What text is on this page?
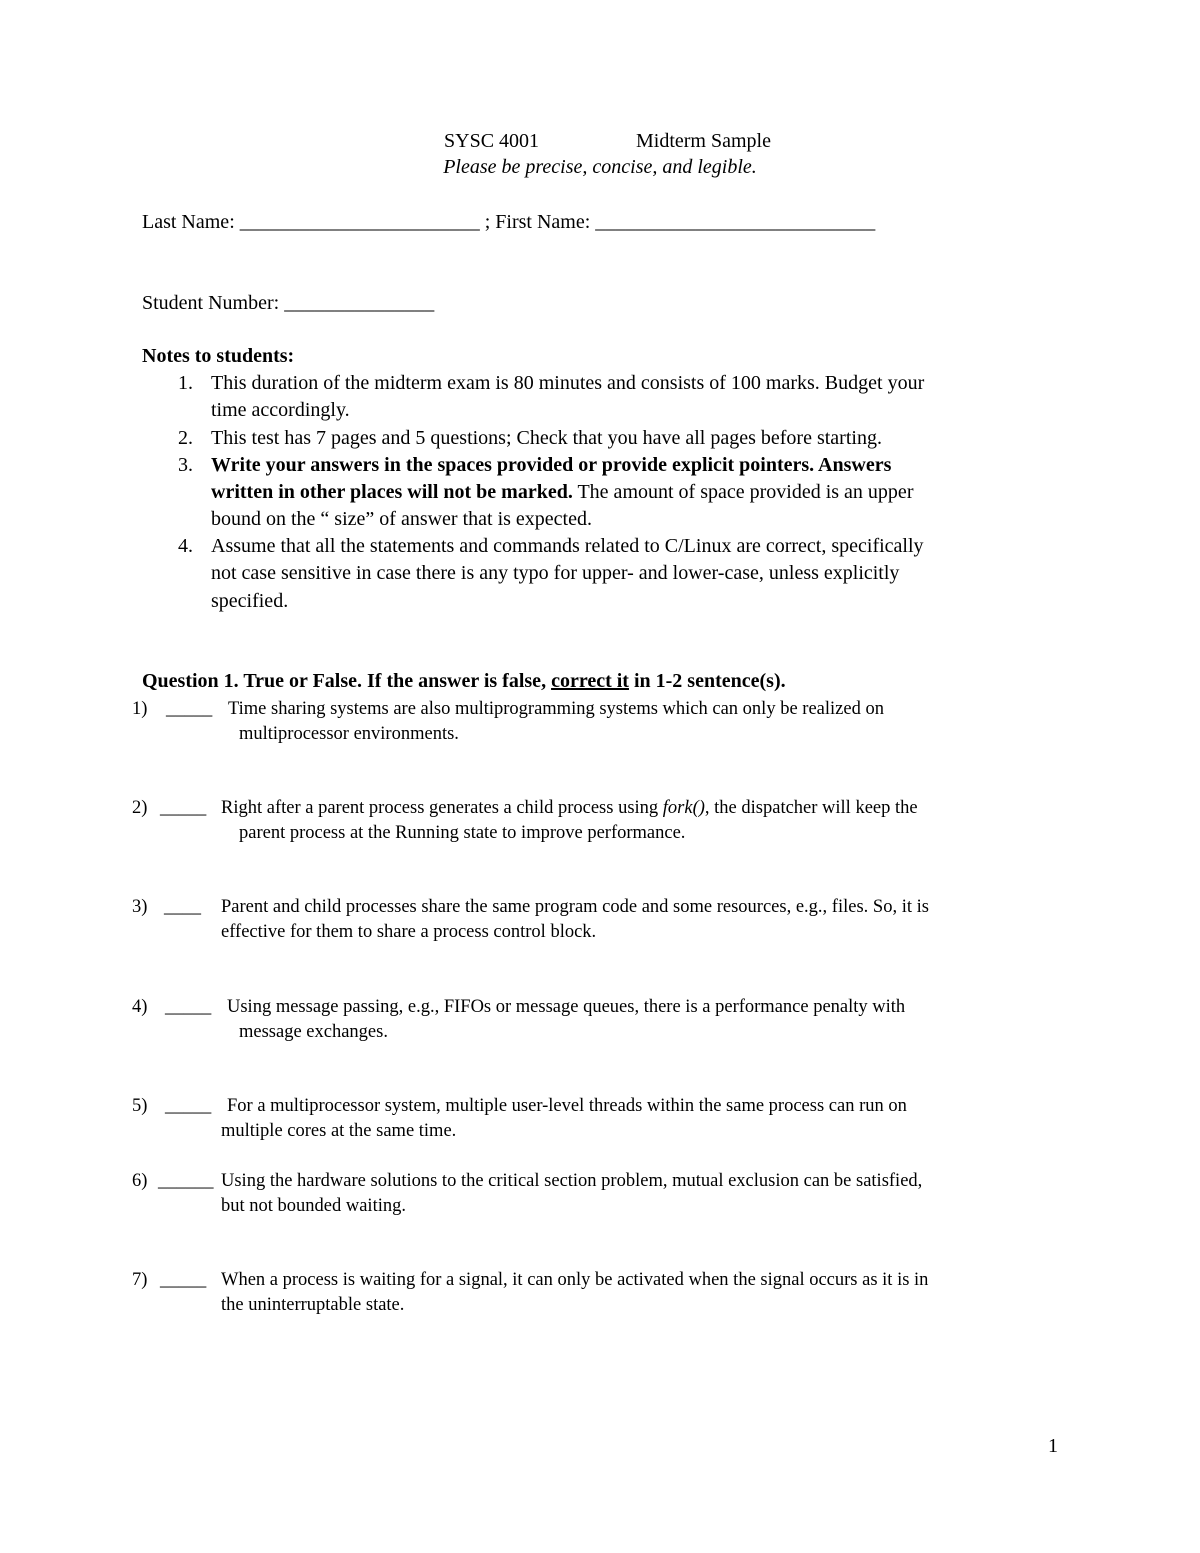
SYSC 4001	Midterm Sample
Please be precise, concise, and legible.
Last Name: ________________________ ; First Name: ____________________________
Student Number: _______________
Notes to students:
1. This duration of the midterm exam is 80 minutes and consists of 100 marks. Budget your
time accordingly.
2. This test has 7 pages and 5 questions; Check that you have all pages before starting.
3. Write your answers in the spaces provided or provide explicit pointers. Answers
written in other places will not be marked. The amount of space provided is an upper
bound on the “ size” of answer that is expected.
4. Assume that all the statements and commands related to C/Linux are correct, specifically
not case sensitive in case there is any typo for upper- and lower-case, unless explicitly
specified.
Question 1. True or False. If the answer is false, correct it in 1-2 sentence(s).
1) _____ Time sharing systems are also multiprogramming systems which can only be realized on
multiprocessor environments.
2) _____ Right after a parent process generates a child process using fork(), the dispatcher will keep the
parent process at the Running state to improve performance.
3) ____ Parent and child processes share the same program code and some resources, e.g., files. So, it is
effective for them to share a process control block.
4) _____ Using message passing, e.g., FIFOs or message queues, there is a performance penalty with
message exchanges.
5) _____ For a multiprocessor system, multiple user-level threads within the same process can run on
multiple cores at the same time.
6) ______ Using the hardware solutions to the critical section problem, mutual exclusion can be satisfied,
but not bounded waiting.
7) _____ When a process is waiting for a signal, it can only be activated when the signal occurs as it is in
the uninterruptable state.
1
